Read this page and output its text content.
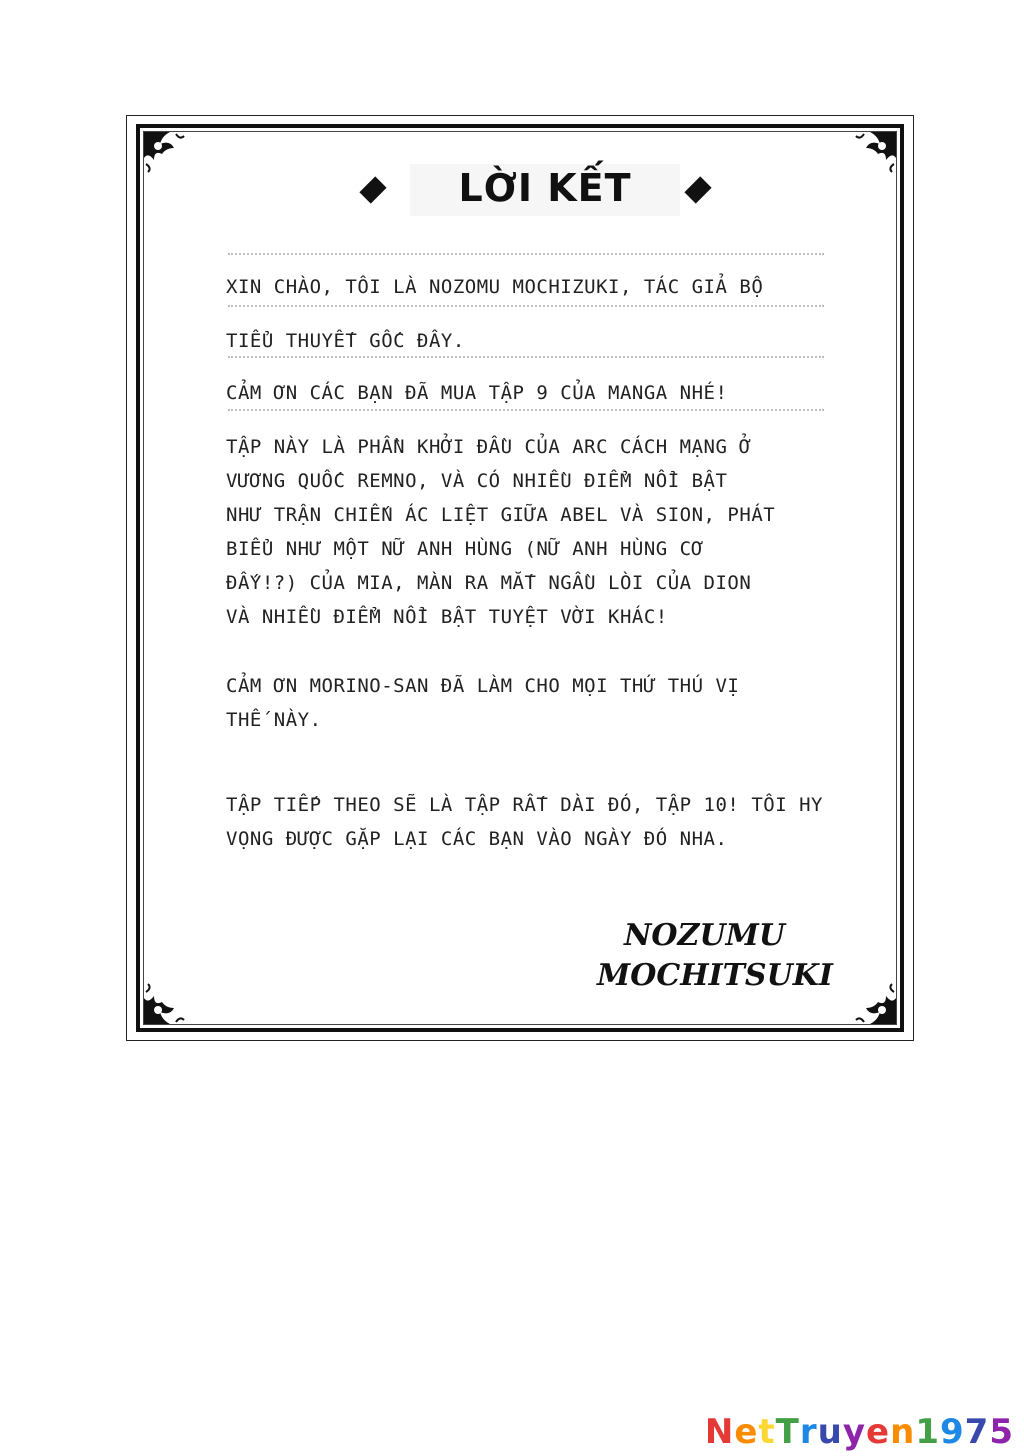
LỜI KẾT
XIN CHÀO, TÔI LÀ NOZOMU MOCHIZUKI, TÁC GIẢ BỘ
TIỂU THUYẾT GỐC ĐÂY.
CẢM ƠN CÁC BẠN ĐÃ MUA TẬP 9 CỦA MANGA NHÉ!
TẬP NÀY LÀ PHẦN KHỞI ĐẦU CỦA ARC CÁCH MẠNG Ở
VƯƠNG QUỐC REMNO, VÀ CÓ NHIỀU ĐIỂM NỔI BẬT
NHƯ TRẬN CHIẾN ÁC LIỆT GIỮA ABEL VÀ SION, PHÁT
BIỂU NHƯ MỘT NỮ ANH HÙNG (NỮ ANH HÙNG CƠ
ĐẤY!?) CỦA MIA, MÀN RA MẮT NGẦU LÒI CỦA DION
VÀ NHIỀU ĐIỂM NỔI BẬT TUYỆT VỜI KHÁC!
CẢM ƠN MORINO-SAN ĐÃ LÀM CHO MỌI THỨ THÚ VỊ
THẾ NÀY.
TẬP TIẾP THEO SẼ LÀ TẬP RẤT DÀI ĐÓ, TẬP 10! TÔI HY
VỌNG ĐƯỢC GẶP LẠI CÁC BẠN VÀO NGÀY ĐÓ NHA.
NOZUMU
MOCHITSUKI
NetTruyen1975
